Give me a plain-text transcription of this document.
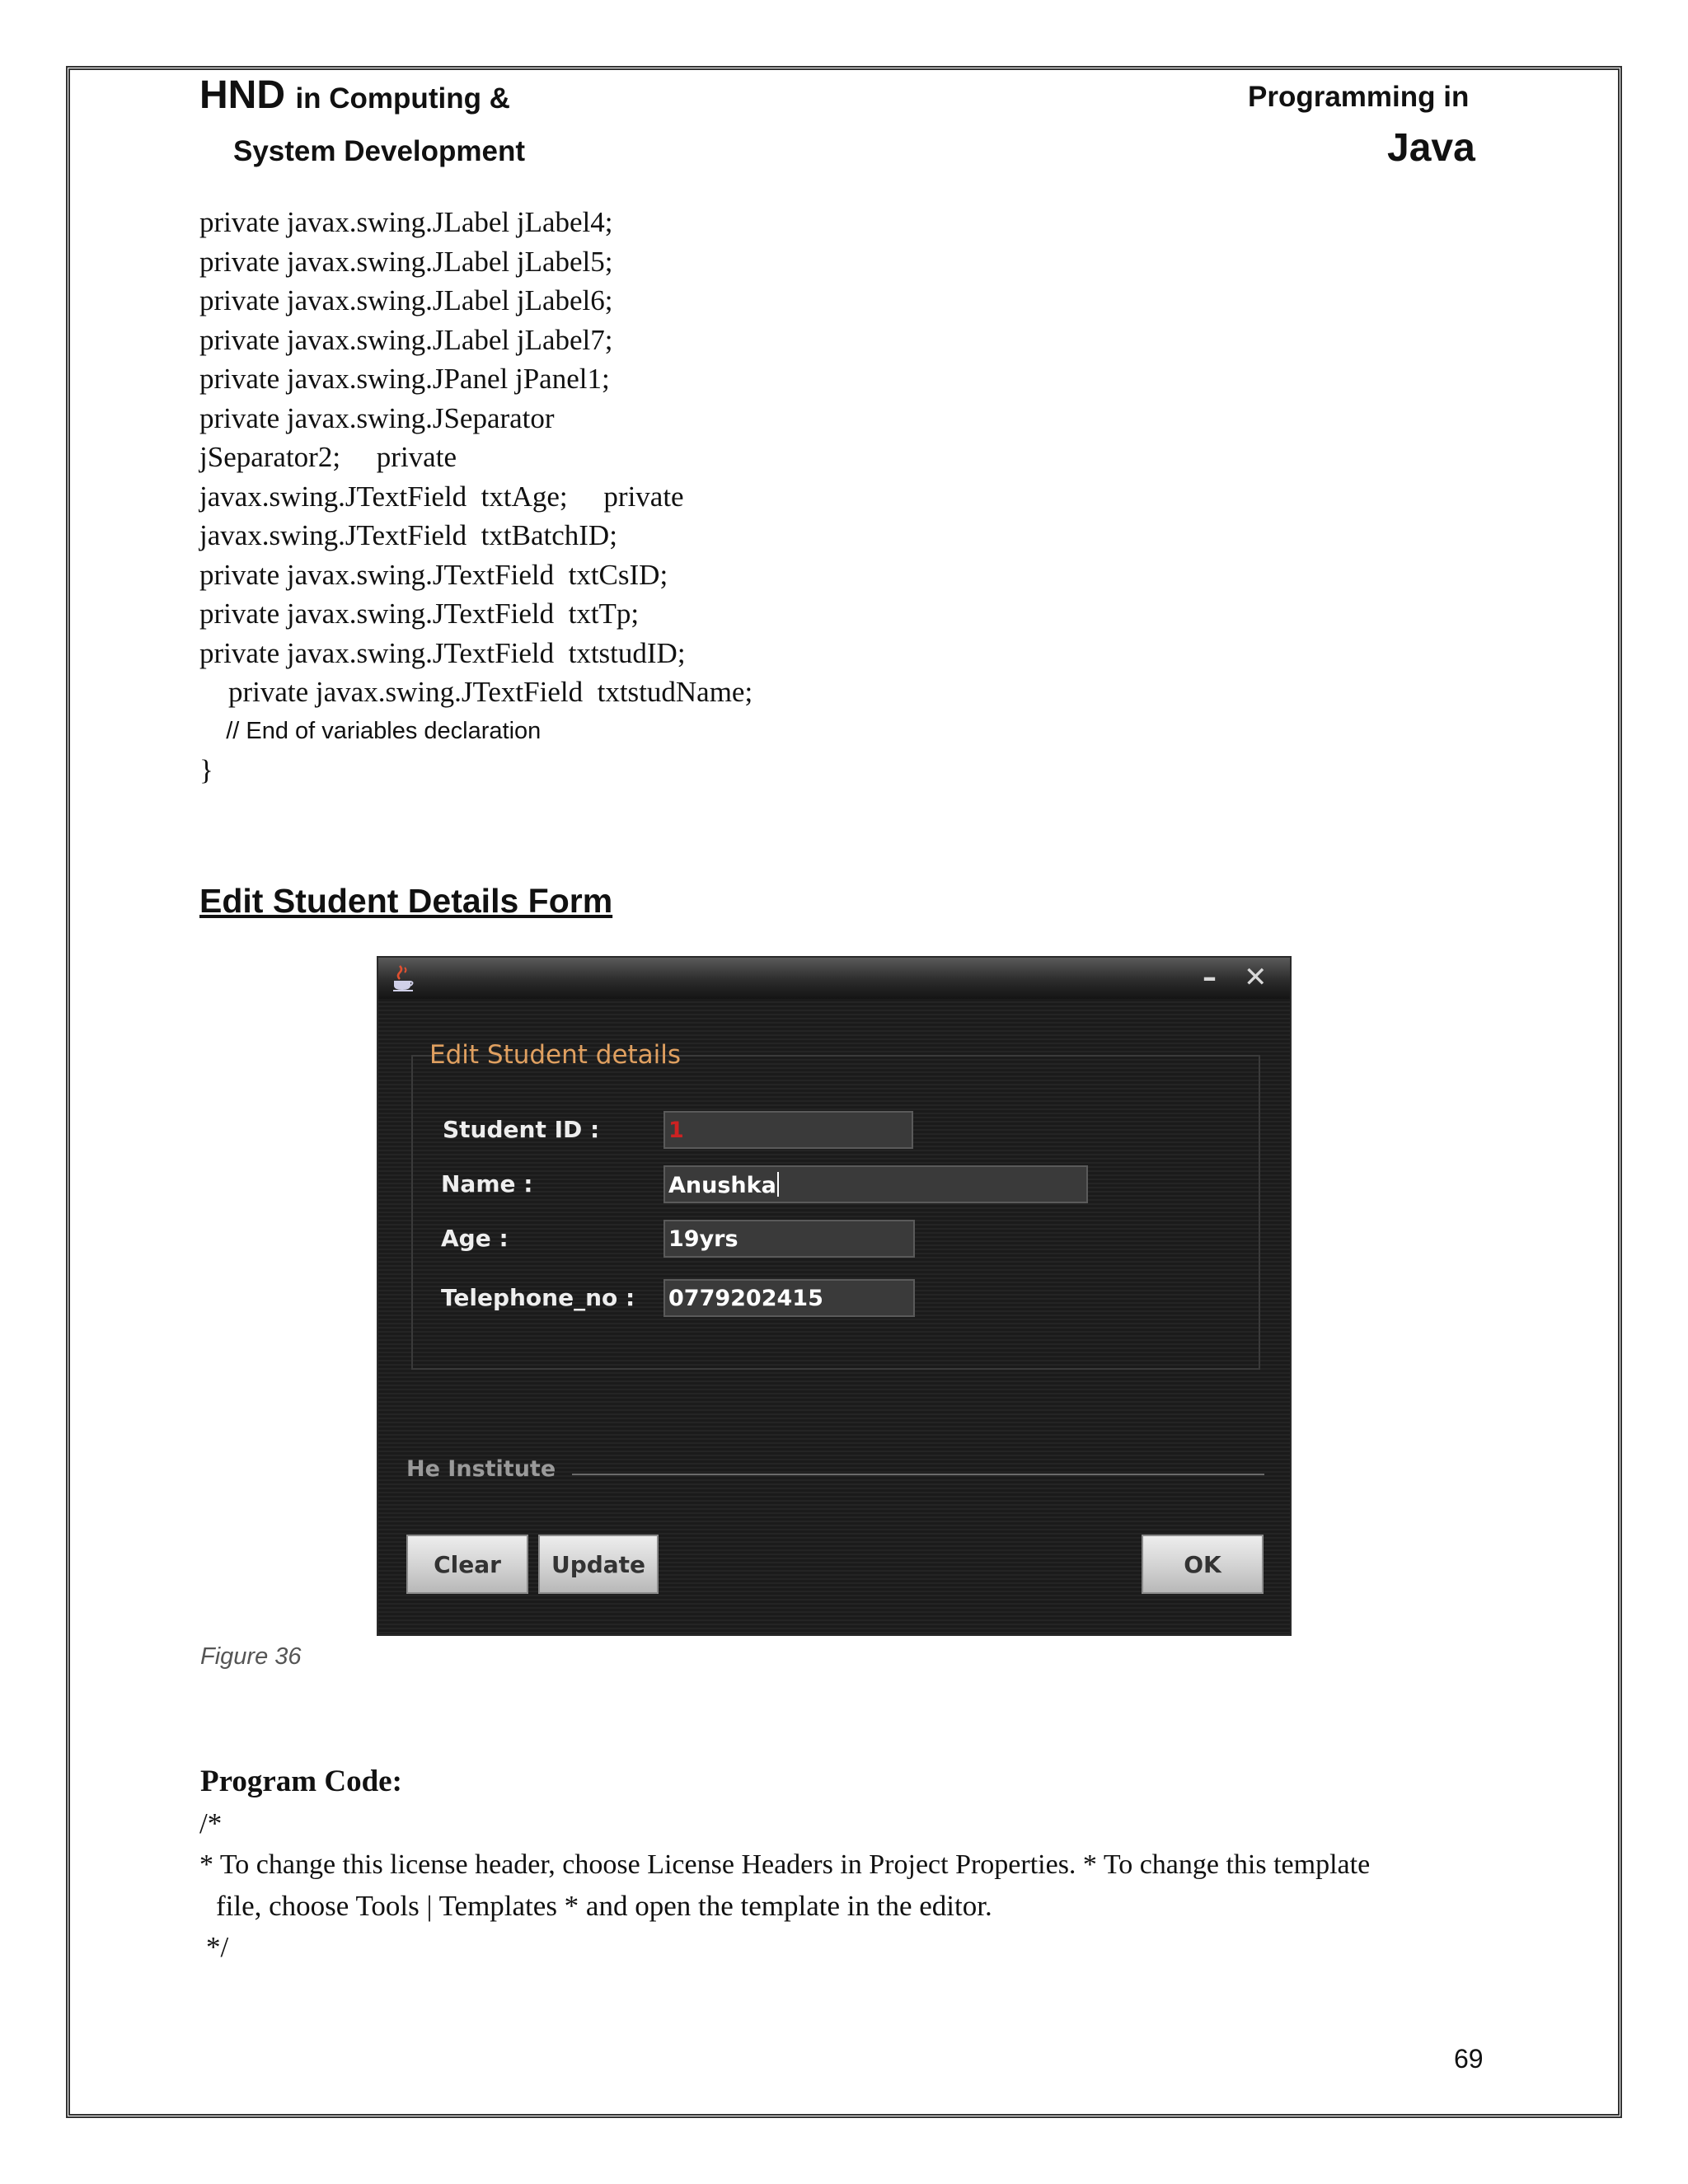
HND in Computing &
System Development
Programming in
Java
private javax.swing.JLabel jLabel4;
private javax.swing.JLabel jLabel5;
private javax.swing.JLabel jLabel6;
private javax.swing.JLabel jLabel7;
private javax.swing.JPanel jPanel1;
private javax.swing.JSeparator
jSeparator2;     private
javax.swing.JTextField  txtAge;     private
javax.swing.JTextField  txtBatchID;
private javax.swing.JTextField  txtCsID;
private javax.swing.JTextField  txtTp;
private javax.swing.JTextField  txtstudID;
private javax.swing.JTextField  txtstudName;
// End of variables declaration
}
Edit Student Details Form
– ✕
Edit Student details
Student ID :	1
Name :	Anushka
Age :	19yrs
Telephone_no : 0779202415
He Institute
Clear	Update	OK
Figure 36
Program Code:
/*
* To change this license header, choose License Headers in Project Properties. * To change this template
file, choose Tools | Templates * and open the template in the editor.
*/
69
